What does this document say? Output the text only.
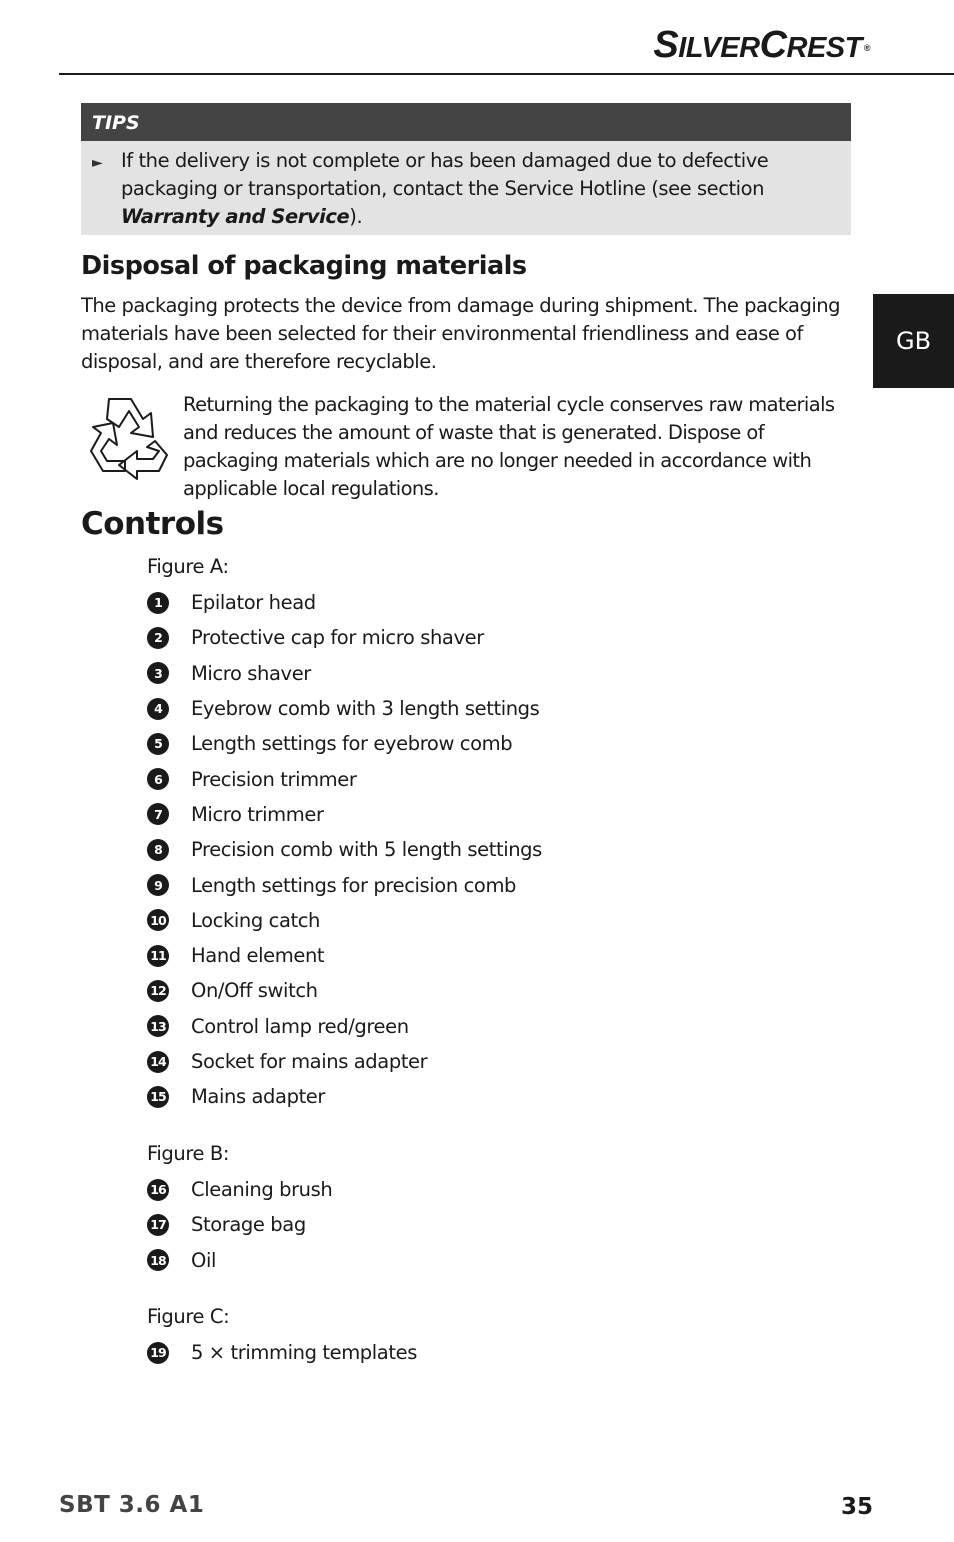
SILVERCREST ®
TIPS
► If the delivery is not complete or has been damaged due to defective packaging or transportation, contact the Service Hotline (see section Warranty and Service).
Disposal of packaging materials

The packaging protects the device from damage during shipment. The packaging materials have been selected for their environmental friendliness and ease of disposal, and are therefore recyclable.

Returning the packaging to the material cycle conserves raw materials and reduces the amount of waste that is generated. Dispose of packaging materials which are no longer needed in accordance with applicable local regulations.

GB
Controls
Figure A:
1	Epilator head
2	Protective cap for micro shaver
3	Micro shaver
4	Eyebrow comb with 3 length settings
5	Length settings for eyebrow comb
6	Precision trimmer
7	Micro trimmer
8	Precision comb with 5 length settings
9	Length settings for precision comb
10 Locking catch
11 Hand element
12 On/Off switch
13 Control lamp red/green
14 Socket for mains adapter
15 Mains adapter
Figure B:
16 Cleaning brush
17 Storage bag
18 Oil
Figure C:
19 5 × trimming templates
SBT 3.6 A1	35
